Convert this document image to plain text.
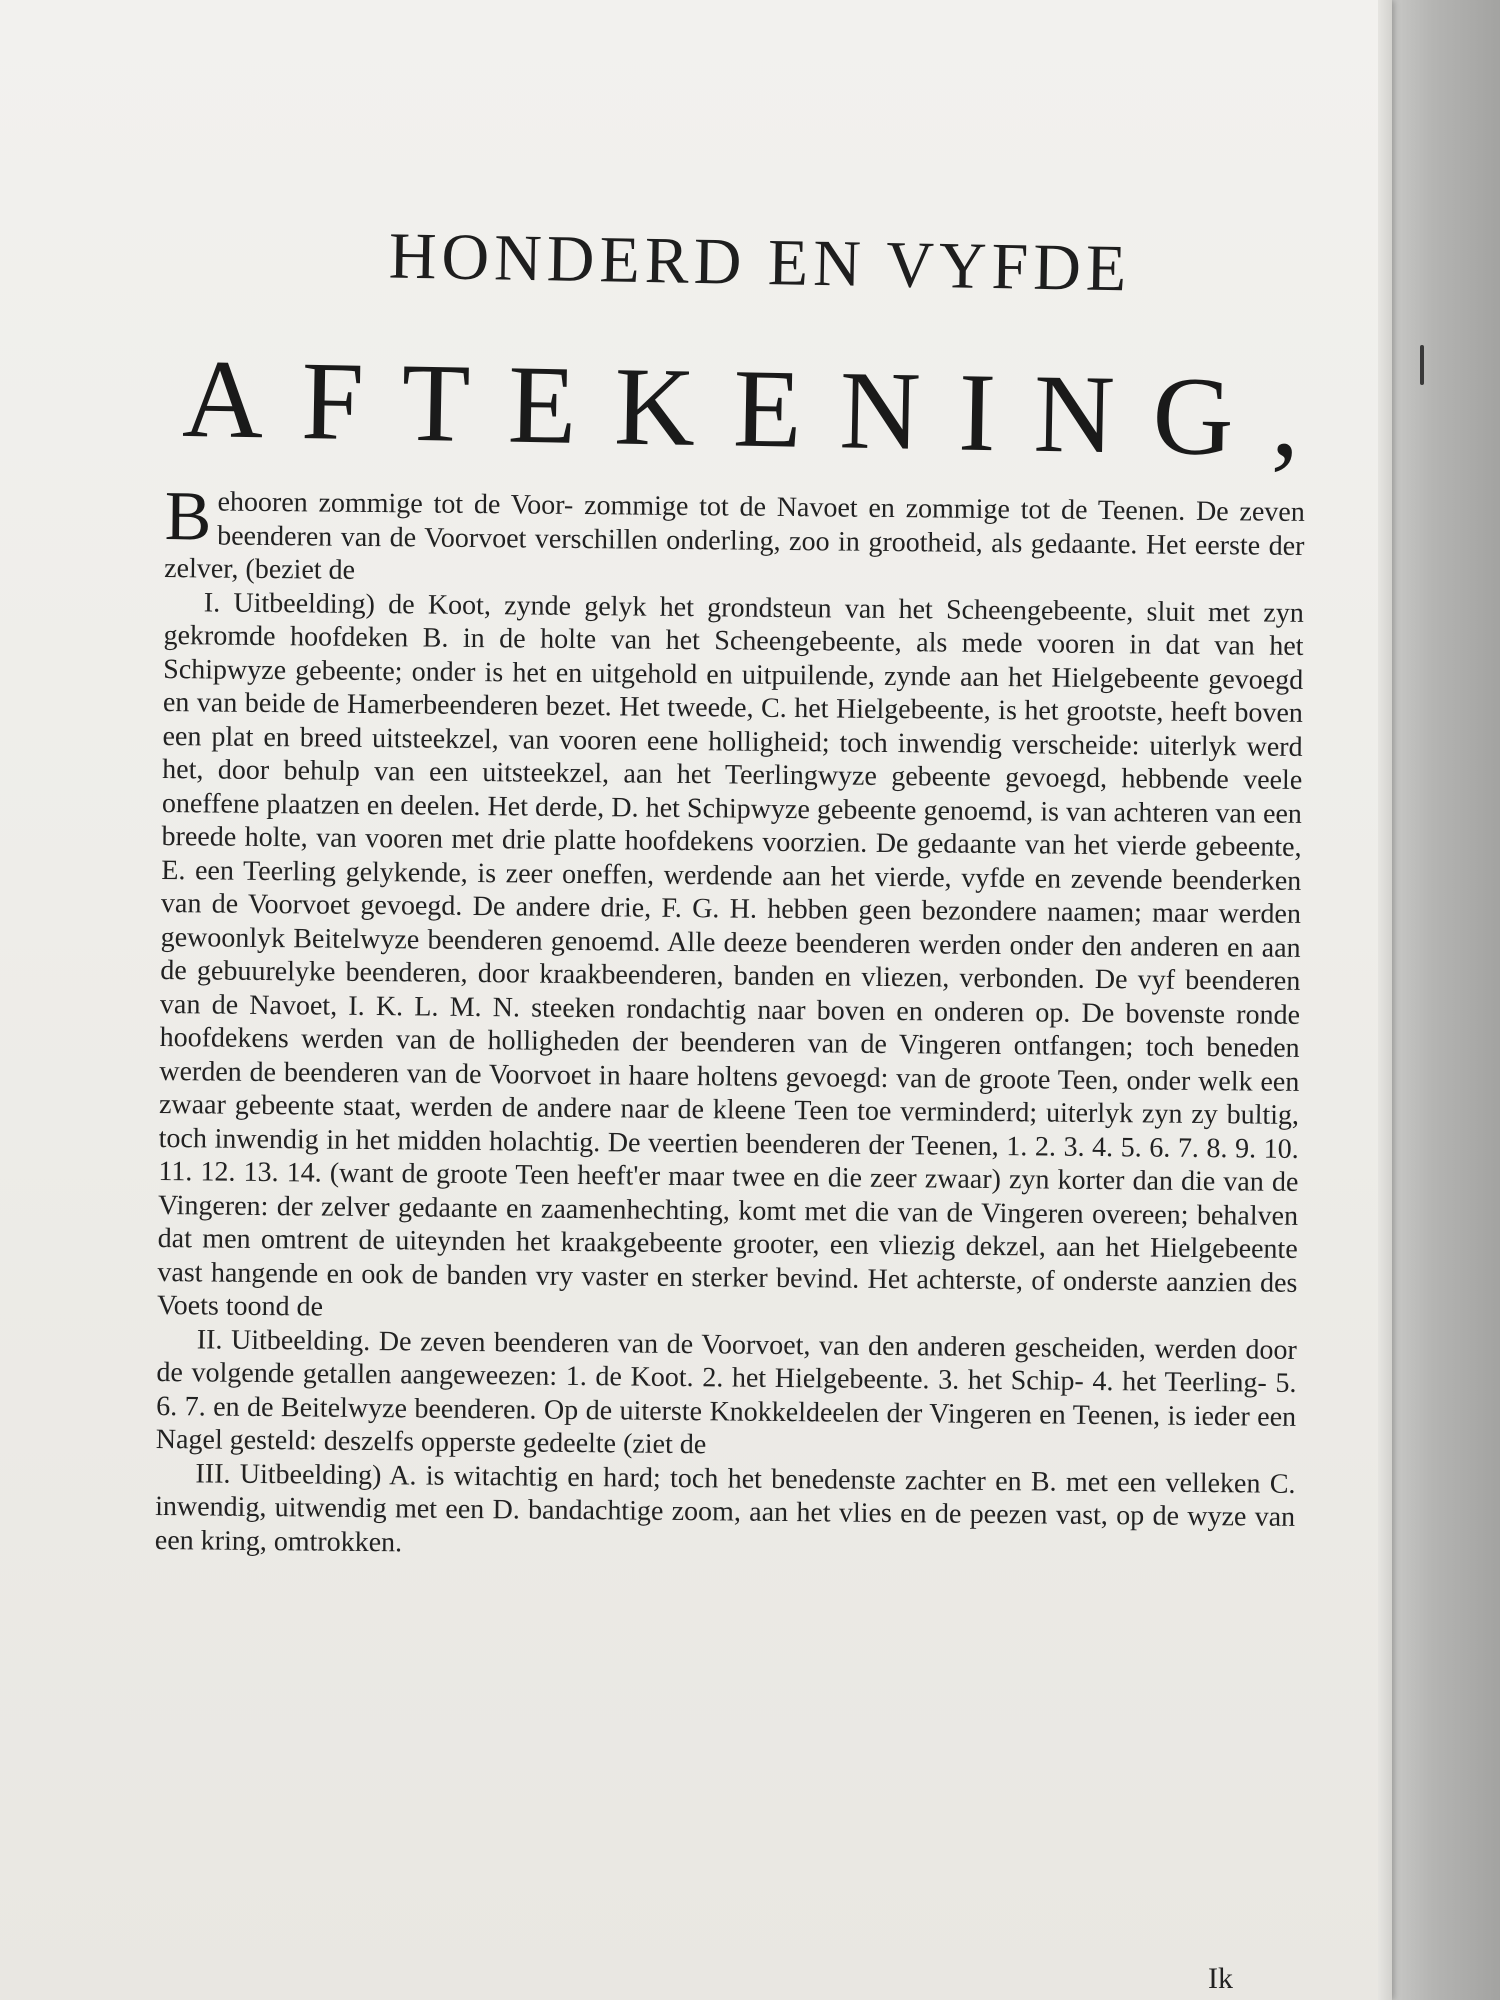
HONDERD EN VYFDE
AFTEKENING,

Behooren zommige tot de Voor- zommige tot de Navoet en zommige tot de Teenen. De zeven beenderen van de Voorvoet verschillen onderling, zoo in grootheid, als gedaante. Het eerste der zelver, (beziet de

I. Uitbeelding) de Koot, zynde gelyk het grondsteun van het Scheengebeente, sluit met zyn gekromde hoofdeken B. in de holte van het Scheengebeente, als mede vooren in dat van het Schipwyze gebeente; onder is het en uitgehold en uitpuilende, zynde aan het Hielgebeente gevoegd en van beide de Hamerbeenderen bezet. Het tweede, C. het Hielgebeente, is het grootste, heeft boven een plat en breed uitsteekzel, van vooren eene holligheid; toch inwendig verscheide: uiterlyk werd het, door behulp van een uitsteekzel, aan het Teerlingwyze gebeente gevoegd, hebbende veele oneffene plaatzen en deelen. Het derde, D. het Schipwyze gebeente genoemd, is van achteren van een breede holte, van vooren met drie platte hoofdekens voorzien. De gedaante van het vierde gebeente, E. een Teerling gelykende, is zeer oneffen, werdende aan het vierde, vyfde en zevende beenderken van de Voorvoet gevoegd. De andere drie, F. G. H. hebben geen bezondere naamen; maar werden gewoonlyk Beitelwyze beenderen genoemd. Alle deeze beenderen werden onder den anderen en aan de gebuurelyke beenderen, door kraakbeenderen, banden en vliezen, verbonden. De vyf beenderen van de Navoet, I. K. L. M. N. steeken rondachtig naar boven en onderen op. De bovenste ronde hoofdekens werden van de holligheden der beenderen van de Vingeren ontfangen; toch beneden werden de beenderen van de Voorvoet in haare holtens gevoegd: van de groote Teen, onder welk een zwaar gebeente staat, werden de andere naar de kleene Teen toe verminderd; uiterlyk zyn zy bultig, toch inwendig in het midden holachtig. De veertien beenderen der Teenen, 1. 2. 3. 4. 5. 6. 7. 8. 9. 10. 11. 12. 13. 14. (want de groote Teen heeft'er maar twee en die zeer zwaar) zyn korter dan die van de Vingeren: der zelver gedaante en zaamenhechting, komt met die van de Vingeren overeen; behalven dat men omtrent de uiteynden het kraakgebeente grooter, een vliezig dekzel, aan het Hielgebeente vast hangende en ook de banden vry vaster en sterker bevind. Het achterste, of onderste aanzien des Voets toond de

II. Uitbeelding. De zeven beenderen van de Voorvoet, van den anderen gescheiden, werden door de volgende getallen aangeweezen: 1. de Koot. 2. het Hielgebeente. 3. het Schip- 4. het Teerling- 5. 6. 7. en de Beitelwyze beenderen. Op de uiterste Knokkeldeelen der Vingeren en Teenen, is ieder een Nagel gesteld: deszelfs opperste gedeelte (ziet de

III. Uitbeelding) A. is witachtig en hard; toch het benedenste zachter en B. met een velleken C. inwendig, uitwendig met een D. bandachtige zoom, aan het vlies en de peezen vast, op de wyze van een kring, omtrokken.

Ik
